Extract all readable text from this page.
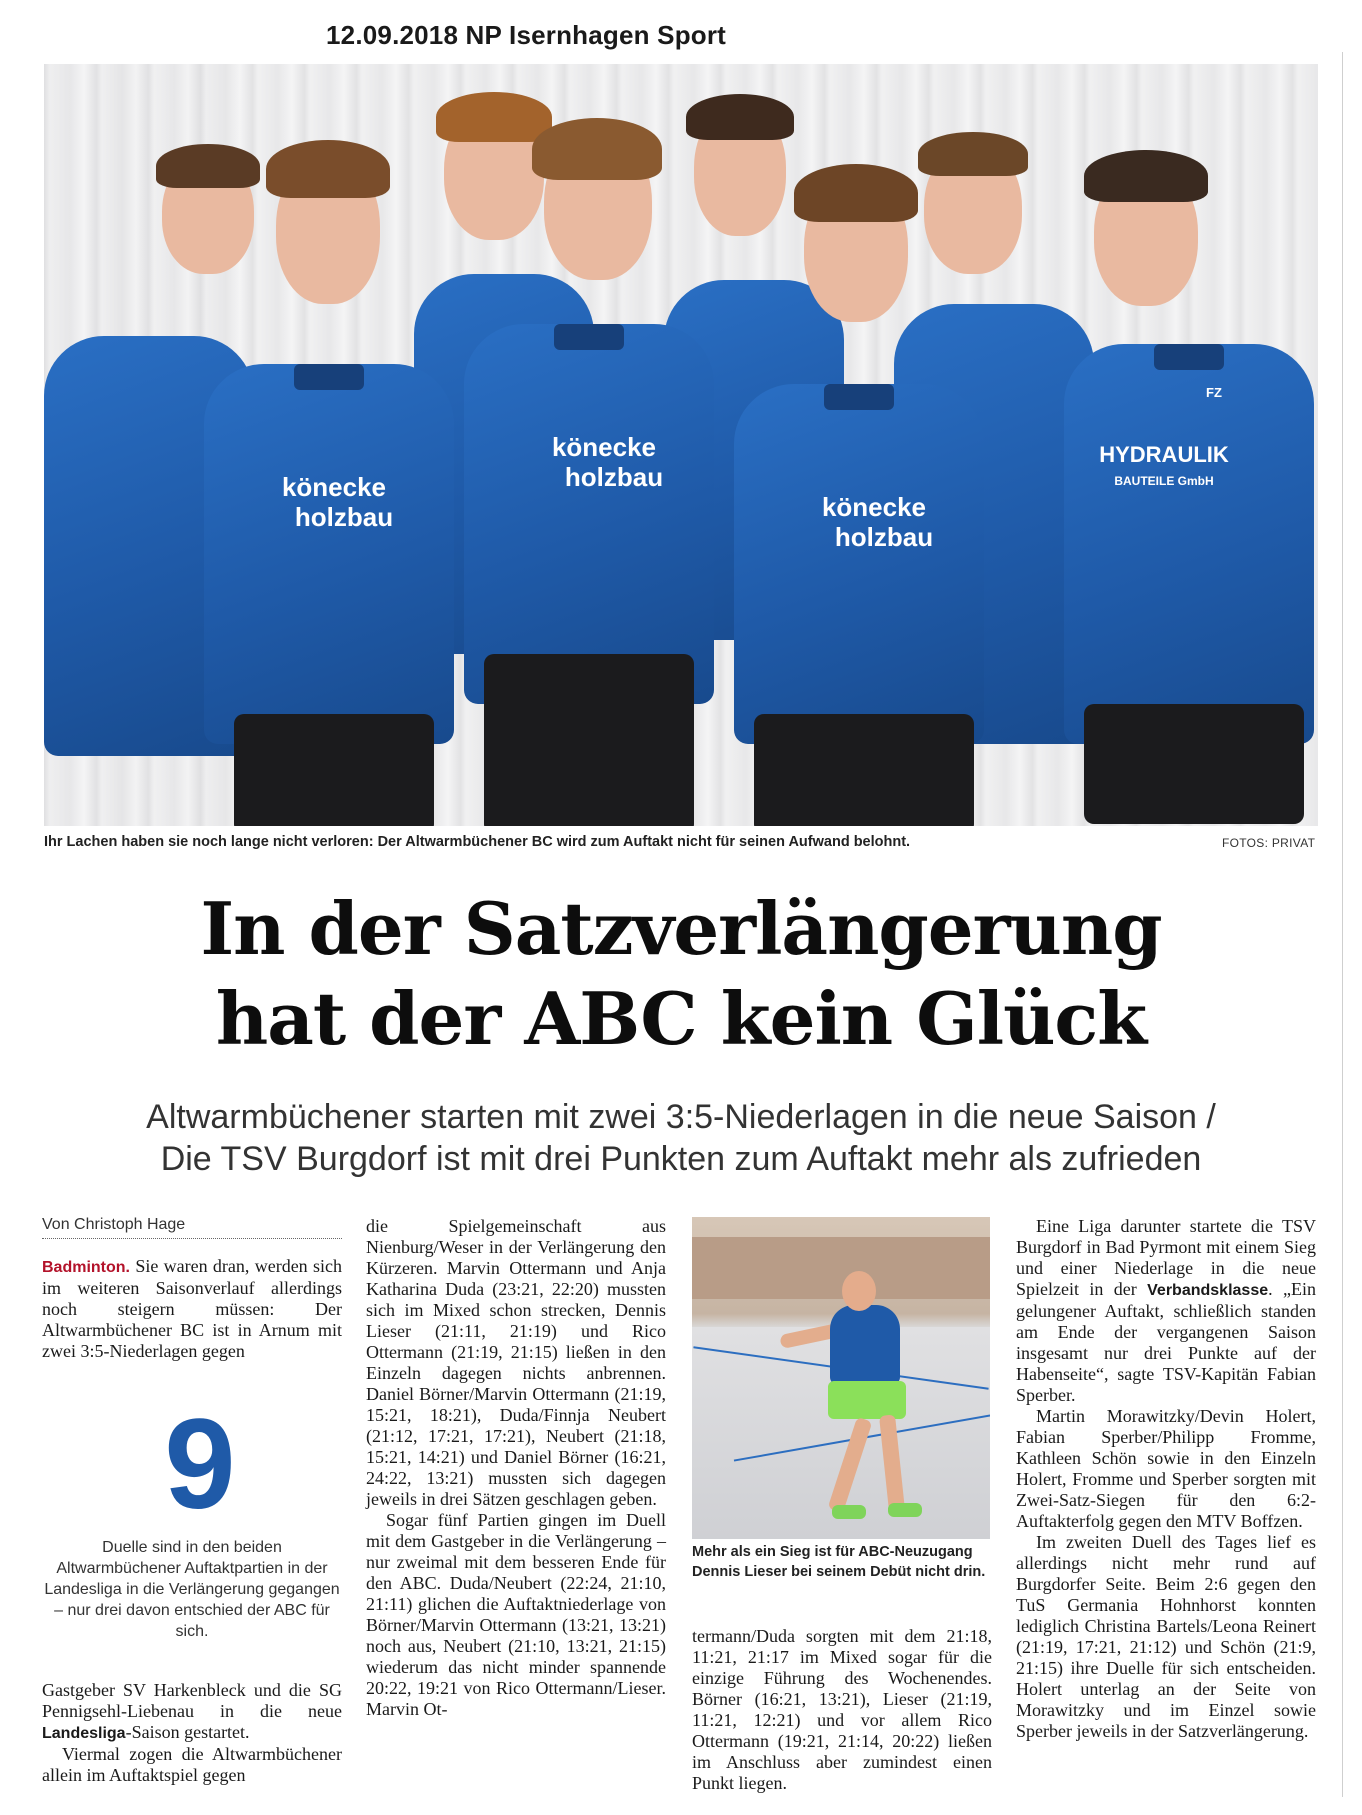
12.09.2018 NP Isernhagen Sport
könecke
holzbau
könecke
holzbau
könecke
holzbau
HYDRAULIK
BAUTEILE GmbH
FZ
Ihr Lachen haben sie noch lange nicht verloren: Der Altwarmbüchener BC wird zum Auftakt nicht für seinen Aufwand belohnt.	FOTOS: PRIVAT
In der Satzverlängerung
hat der ABC kein Glück
Altwarmbüchener starten mit zwei 3:5-Niederlagen in die neue Saison /
Die TSV Burgdorf ist mit drei Punkten zum Auftakt mehr als zufrieden
Von Christoph Hage

Badminton. Sie waren dran, werden sich im weiteren Saisonverlauf allerdings noch steigern müssen: Der Altwarmbüchener BC ist in Arnum mit zwei 3:5-Niederlagen gegen

9
Duelle sind in den beiden Altwarmbüchener Auftaktpartien in der Landesliga in die Verlängerung gegangen – nur drei davon entschied der ABC für sich.

Gastgeber SV Harkenbleck und die SG Pennigsehl-Liebenau in die neue Landesliga-Saison gestartet.

Viermal zogen die Altwarmbüchener allein im Auftaktspiel gegen

die Spielgemeinschaft aus Nienburg/Weser in der Verlängerung den Kürzeren. Marvin Ottermann und Anja Katharina Duda (23:21, 22:20) mussten sich im Mixed schon strecken, Dennis Lieser (21:11, 21:19) und Rico Ottermann (21:19, 21:15) ließen in den Einzeln dagegen nichts anbrennen. Daniel Börner/Marvin Ottermann (21:19, 15:21, 18:21), Duda/Finnja Neubert (21:12, 17:21, 17:21), Neubert (21:18, 15:21, 14:21) und Daniel Börner (16:21, 24:22, 13:21) mussten sich dagegen jeweils in drei Sätzen geschlagen geben.

Sogar fünf Partien gingen im Duell mit dem Gastgeber in die Verlängerung – nur zweimal mit dem besseren Ende für den ABC. Duda/Neubert (22:24, 21:10, 21:11) glichen die Auftaktniederlage von Börner/Marvin Ottermann (13:21, 13:21) noch aus, Neubert (21:10, 13:21, 21:15) wiederum das nicht minder spannende 20:22, 19:21 von Rico Ottermann/Lieser. Marvin Ot-

Mehr als ein Sieg ist für ABC-Neuzugang Dennis Lieser bei seinem Debüt nicht drin.

termann/Duda sorgten mit dem 21:18, 11:21, 21:17 im Mixed sogar für die einzige Führung des Wochenendes. Börner (16:21, 13:21), Lieser (21:19, 11:21, 12:21) und vor allem Rico Ottermann (19:21, 21:14, 20:22) ließen im Anschluss aber zumindest einen Punkt liegen.

Eine Liga darunter startete die TSV Burgdorf in Bad Pyrmont mit einem Sieg und einer Niederlage in die neue Spielzeit in der Verbandsklasse. „Ein gelungener Auftakt, schließlich standen am Ende der vergangenen Saison insgesamt nur drei Punkte auf der Habenseite“, sagte TSV-Kapitän Fabian Sperber.

Martin Morawitzky/Devin Holert, Fabian Sperber/Philipp Fromme, Kathleen Schön sowie in den Einzeln Holert, Fromme und Sperber sorgten mit Zwei-Satz-Siegen für den 6:2-Auftakterfolg gegen den MTV Boffzen.

Im zweiten Duell des Tages lief es allerdings nicht mehr rund auf Burgdorfer Seite. Beim 2:6 gegen den TuS Germania Hohnhorst konnten lediglich Christina Bartels/Leona Reinert (21:19, 17:21, 21:12) und Schön (21:9, 21:15) ihre Duelle für sich entscheiden. Holert unterlag an der Seite von Morawitzky und im Einzel sowie Sperber jeweils in der Satzverlängerung.
